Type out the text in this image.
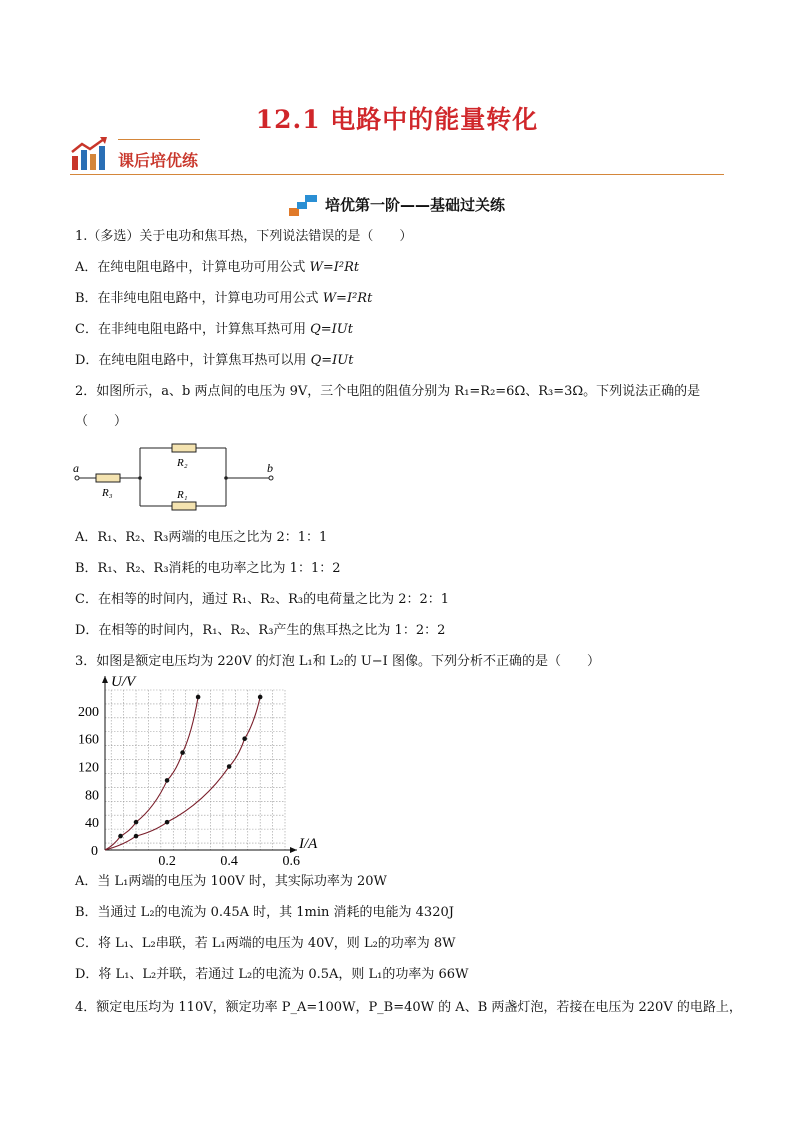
12.1 电路中的能量转化
课后培优练
培优第一阶——基础过关练
1.（多选）关于电功和焦耳热，下列说法错误的是（　　）
A．在纯电阻电路中，计算电功可用公式 W=I²Rt
B．在非纯电阻电路中，计算电功可用公式 W=I²Rt
C．在非纯电阻电路中，计算焦耳热可用 Q=IUt
D．在纯电阻电路中，计算焦耳热可以用 Q=IUt
2．如图所示，a、b 两点间的电压为 9V，三个电阻的阻值分别为 R₁=R₂=6Ω、R₃=3Ω。下列说法正确的是
（　　）
a	b
R₃
R₂
R₁
A．R₁、R₂、R₃两端的电压之比为 2：1：1
B．R₁、R₂、R₃消耗的电功率之比为 1：1：2
C．在相等的时间内，通过 R₁、R₂、R₃的电荷量之比为 2：2：1
D．在相等的时间内，R₁、R₂、R₃产生的焦耳热之比为 1：2：2
3．如图是额定电压均为 220V 的灯泡 L₁和 L₂的 U−I 图像。下列分析不正确的是（　　）
0.2	0.4	0.6
40
80
120
160
200
0	I/A
U/V
A．当 L₁两端的电压为 100V 时，其实际功率为 20W
B．当通过 L₂的电流为 0.45A 时，其 1min 消耗的电能为 4320J
C．将 L₁、L₂串联，若 L₁两端的电压为 40V，则 L₂的功率为 8W
D．将 L₁、L₂并联，若通过 L₂的电流为 0.5A，则 L₁的功率为 66W
4．额定电压均为 110V，额定功率 P_A=100W，P_B=40W 的 A、B 两盏灯泡，若接在电压为 220V 的电路上，
